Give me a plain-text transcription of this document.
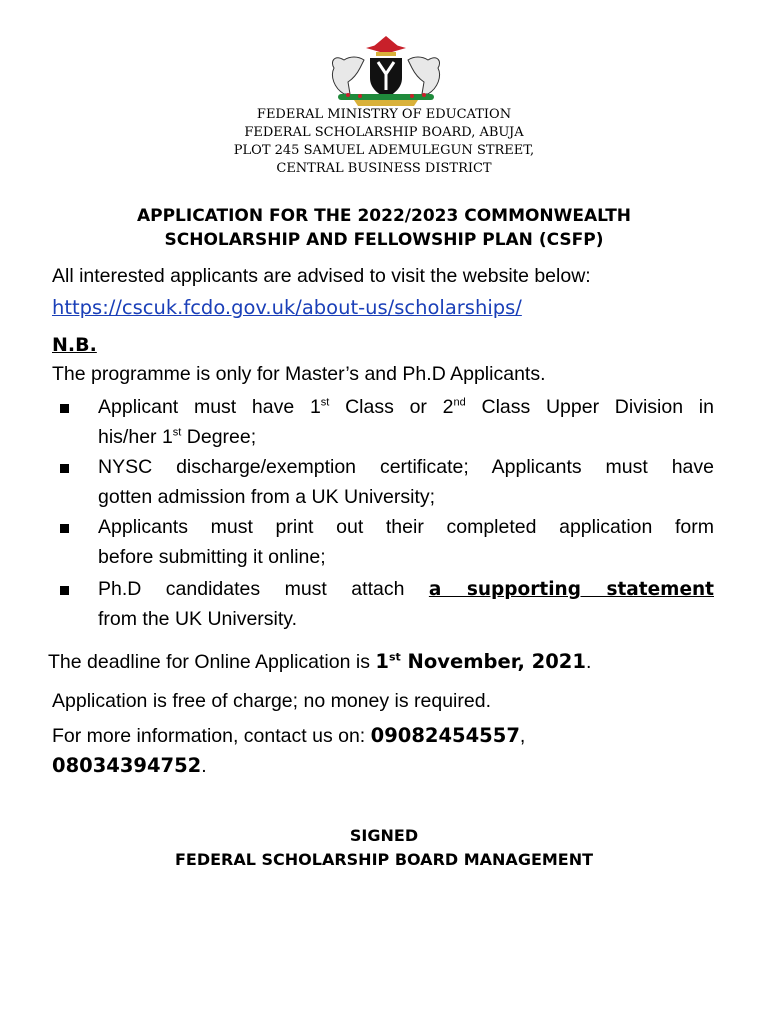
FEDERAL MINISTRY OF EDUCATION
FEDERAL SCHOLARSHIP BOARD, ABUJA
PLOT 245 SAMUEL ADEMULEGUN STREET,
CENTRAL BUSINESS DISTRICT
APPLICATION FOR THE 2022/2023 COMMONWEALTH
SCHOLARSHIP AND FELLOWSHIP PLAN (CSFP)
All interested applicants are advised to visit the website below:
https://cscuk.fcdo.gov.uk/about-us/scholarships/
N.B.
The programme is only for Master’s and Ph.D Applicants.
Applicant must have 1st Class or 2nd Class Upper Division in
his/her 1st Degree;
NYSC discharge/exemption certificate; Applicants must have
gotten admission from a UK University;
Applicants must print out their completed application form
before submitting it online;
Ph.D candidates must attach a supporting statement
from the UK University.
The deadline for Online Application is 1st November, 2021.
Application is free of charge; no money is required.
For more information, contact us on: 09082454557,
08034394752.
SIGNED
FEDERAL SCHOLARSHIP BOARD MANAGEMENT
